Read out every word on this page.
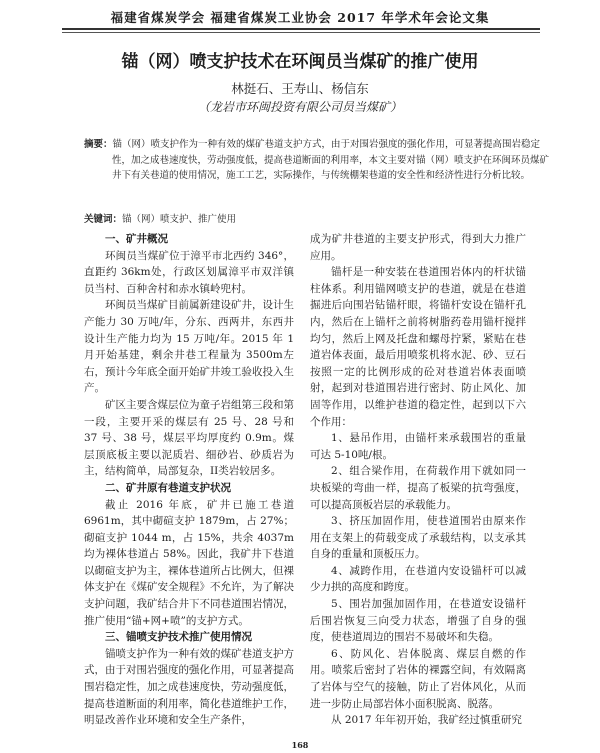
福建省煤炭学会 福建省煤炭工业协会 2017 年学术年会论文集
锚（网）喷支护技术在环闽员当煤矿的推广使用
林挺石、王寿山、杨信东
（龙岩市环闽投资有限公司员当煤矿）
摘要：锚（网）喷支护作为一种有效的煤矿巷道支护方式，由于对围岩强度的强化作用，可显著提高围岩稳定性，加之成巷速度快，劳动强度低，提高巷道断面的利用率，本文主要对锚（网）喷支护在环闽环员煤矿井下有关巷道的使用情况，施工工艺，实际操作，与传统棚架巷道的安全性和经济性进行分析比较。
关键词：锚（网）喷支护、推广使用

一、矿井概况

环闽员当煤矿位于漳平市北西约 346°，直距约 36km处，行政区划属漳平市双洋镇员当村、百种舍村和赤水镇岭兜村。

环闽员当煤矿目前属新建设矿井，设计生产能力 30 万吨/年，分东、西两井，东西井设计生产能力均为 15 万吨/年。2015 年 1 月开始基建，剩余井巷工程量为 3500m左右，预计今年底全面开始矿井竣工验收投入生产。

矿区主要含煤层位为童子岩组第三段和第一段，主要开采的煤层有 25 号、28 号和 37 号、38 号，煤层平均厚度约 0.9m。煤层顶底板主要以泥质岩、细砂岩、砂质岩为主，结构简单，局部复杂，II类岩较居多。

二、矿井原有巷道支护状况

截止 2016 年底，矿井已施工巷道 6961m，其中砌碹支护 1879m，占 27%；砌碹支护 1044 m，占 15%，共余 4037m均为裸体巷道占 58%。因此，我矿井下巷道以砌碹支护为主，裸体巷道所占比例大，但裸体支护在《煤矿安全规程》不允许，为了解决支护问题，我矿结合井下不同巷道围岩情况，推广使用“锚+网+喷”的支护方式。

三、锚喷支护技术推广使用情况

锚喷支护作为一种有效的煤矿巷道支护方式，由于对围岩强度的强化作用，可显著提高围岩稳定性，加之成巷速度快，劳动强度低，提高巷道断面的利用率，简化巷道维护工作，明显改善作业环境和安全生产条件，

成为矿井巷道的主要支护形式，得到大力推广应用。

锚杆是一种安装在巷道围岩体内的杆状锚柱体系。利用锚网喷支护的巷道，就是在巷道掘进后向围岩钻锚杆眼，将锚杆安设在锚杆孔内，然后在上锚杆之前将树脂药卷用锚杆搅拌均匀，然后上网及托盘和螺母拧紧，紧贴在巷道岩体表面，最后用喷浆机将水泥、砂、豆石按照一定的比例形成的砼对巷道岩体表面喷射，起到对巷道围岩进行密封、防止风化、加固等作用，以维护巷道的稳定性，起到以下六个作用：

1、悬吊作用，由锚杆来承载围岩的重量可达 5-10吨/根。

2、组合梁作用，在荷载作用下就如同一块板梁的弯曲一样，提高了板梁的抗弯强度，可以提高顶板岩层的承载能力。

3、挤压加固作用，使巷道围岩由原来作用在支架上的荷载变成了承载结构，以支承其自身的重量和顶板压力。

4、减跨作用，在巷道内安设锚杆可以减少力拱的高度和跨度。

5、围岩加强加固作用，在巷道安设锚杆后围岩恢复三向受力状态，增强了自身的强度，使巷道周边的围岩不易破坏和失稳。

6、防风化、岩体脱离、煤层自燃的作用。喷浆后密封了岩体的裸露空间，有效隔离了岩体与空气的接触，防止了岩体风化，从而进一步防止局部岩体小面积脱离、脱落。

从 2017 年年初开始，我矿经过慎重研究

168
